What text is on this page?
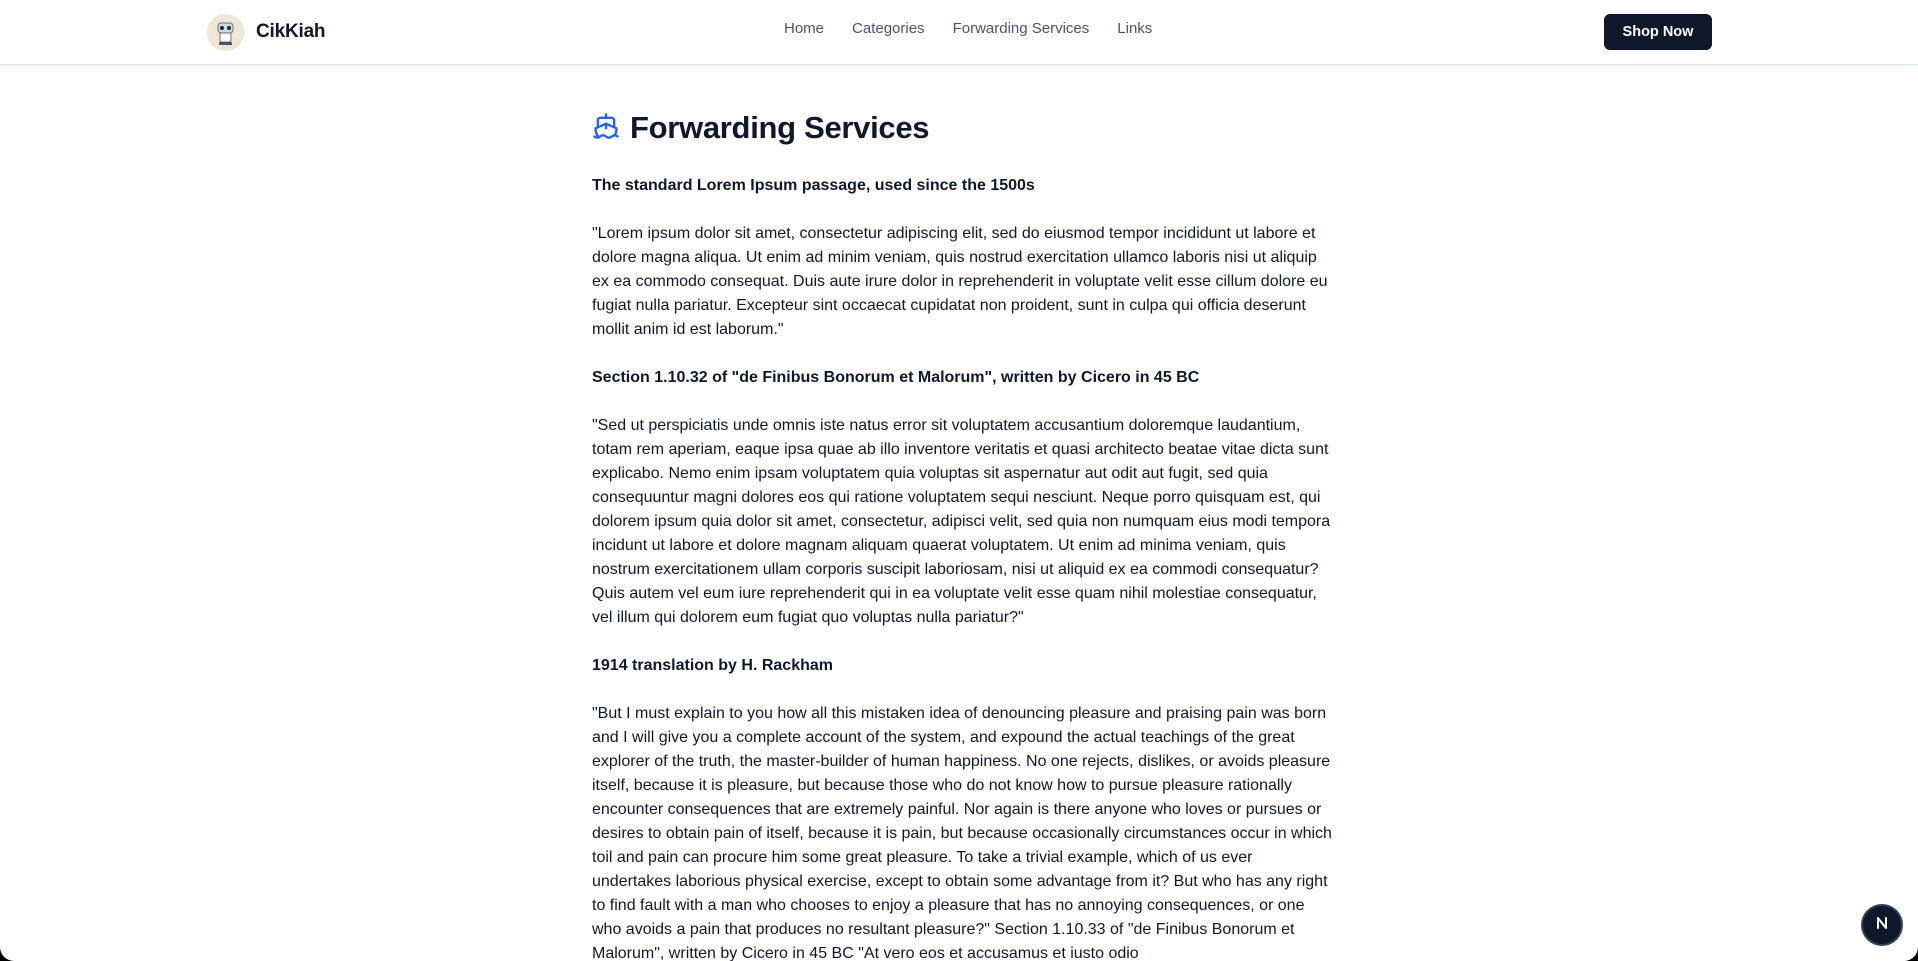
CikKiah	Home Categories Forwarding Services Links	Shop Now
Forwarding Services
The standard Lorem Ipsum passage, used since the 1500s

"Lorem ipsum dolor sit amet, consectetur adipiscing elit, sed do eiusmod tempor incididunt ut labore et dolore magna aliqua. Ut enim ad minim veniam, quis nostrud exercitation ullamco laboris nisi ut aliquip ex ea commodo consequat. Duis aute irure dolor in reprehenderit in voluptate velit esse cillum dolore eu fugiat nulla pariatur. Excepteur sint occaecat cupidatat non proident, sunt in culpa qui officia deserunt mollit anim id est laborum."

Section 1.10.32 of "de Finibus Bonorum et Malorum", written by Cicero in 45 BC

"Sed ut perspiciatis unde omnis iste natus error sit voluptatem accusantium doloremque laudantium, totam rem aperiam, eaque ipsa quae ab illo inventore veritatis et quasi architecto beatae vitae dicta sunt explicabo. Nemo enim ipsam voluptatem quia voluptas sit aspernatur aut odit aut fugit, sed quia consequuntur magni dolores eos qui ratione voluptatem sequi nesciunt. Neque porro quisquam est, qui dolorem ipsum quia dolor sit amet, consectetur, adipisci velit, sed quia non numquam eius modi tempora incidunt ut labore et dolore magnam aliquam quaerat voluptatem. Ut enim ad minima veniam, quis nostrum exercitationem ullam corporis suscipit laboriosam, nisi ut aliquid ex ea commodi consequatur? Quis autem vel eum iure reprehenderit qui in ea voluptate velit esse quam nihil molestiae consequatur, vel illum qui dolorem eum fugiat quo voluptas nulla pariatur?"

1914 translation by H. Rackham

"But I must explain to you how all this mistaken idea of denouncing pleasure and praising pain was born and I will give you a complete account of the system, and expound the actual teachings of the great explorer of the truth, the master-builder of human happiness. No one rejects, dislikes, or avoids pleasure itself, because it is pleasure, but because those who do not know how to pursue pleasure rationally encounter consequences that are extremely painful. Nor again is there anyone who loves or pursues or desires to obtain pain of itself, because it is pain, but because occasionally circumstances occur in which toil and pain can procure him some great pleasure. To take a trivial example, which of us ever undertakes laborious physical exercise, except to obtain some advantage from it? But who has any right to find fault with a man who chooses to enjoy a pleasure that has no annoying consequences, or one who avoids a pain that produces no resultant pleasure?" Section 1.10.33 of "de Finibus Bonorum et Malorum", written by Cicero in 45 BC "At vero eos et accusamus et iusto odio
